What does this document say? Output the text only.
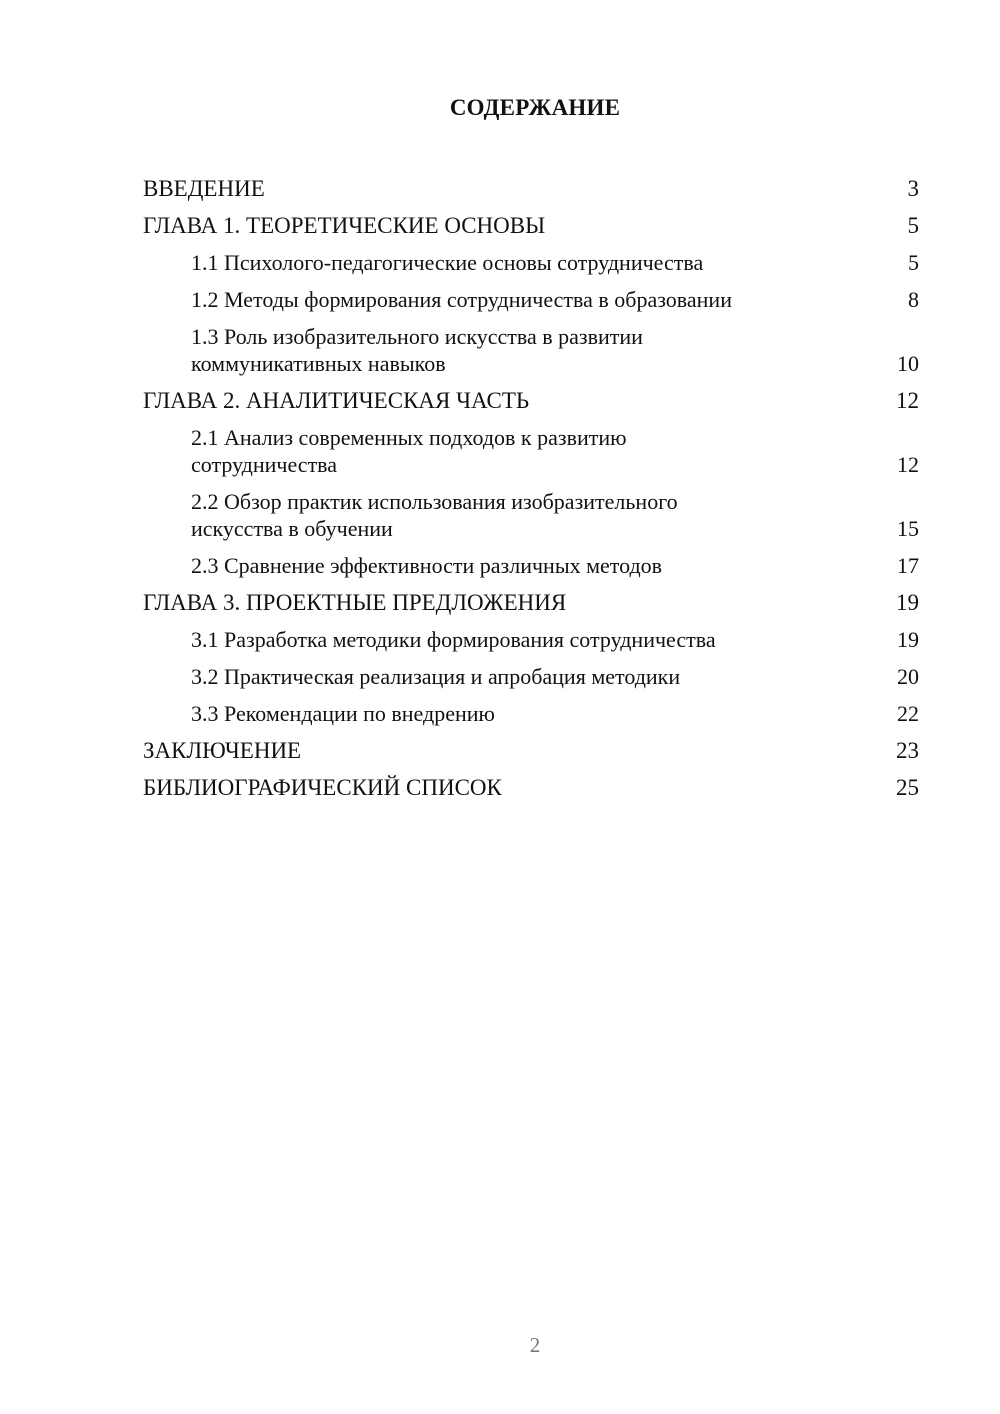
СОДЕРЖАНИЕ
ВВЕДЕНИЕ	3
ГЛАВА 1. ТЕОРЕТИЧЕСКИЕ ОСНОВЫ	5
1.1 Психолого-педагогические основы сотрудничества	5
1.2 Методы формирования сотрудничества в образовании	8
1.3 Роль изобразительного искусства в развитии
коммуникативных навыков	10
ГЛАВА 2. АНАЛИТИЧЕСКАЯ ЧАСТЬ	12
2.1 Анализ современных подходов к развитию
сотрудничества	12
2.2 Обзор практик использования изобразительного
искусства в обучении	15
2.3 Сравнение эффективности различных методов	17
ГЛАВА 3. ПРОЕКТНЫЕ ПРЕДЛОЖЕНИЯ	19
3.1 Разработка методики формирования сотрудничества	19
3.2 Практическая реализация и апробация методики	20
3.3 Рекомендации по внедрению	22
ЗАКЛЮЧЕНИЕ	23
БИБЛИОГРАФИЧЕСКИЙ СПИСОК	25
2
